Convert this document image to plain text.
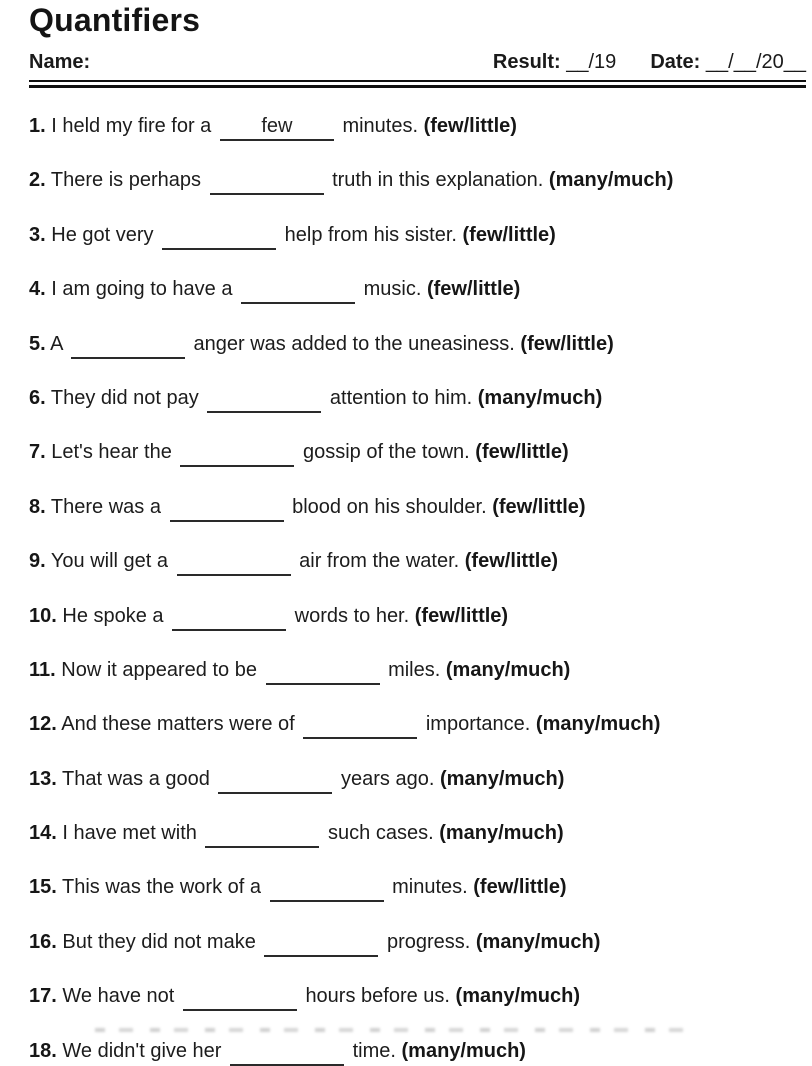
Quantifiers
Name:	Result: __/19 Date: __/__/20__
1. I held my fire for a	few	minutes. (few/little)
2. There is perhaps	truth in this explanation. (many/much)
3. He got very	help from his sister. (few/little)
4. I am going to have a	music. (few/little)
5. A	anger was added to the uneasiness. (few/little)
6. They did not pay	attention to him. (many/much)
7. Let's hear the	gossip of the town. (few/little)
8. There was a	blood on his shoulder. (few/little)
9. You will get a	air from the water. (few/little)
10. He spoke a	words to her. (few/little)
11. Now it appeared to be	miles. (many/much)
12. And these matters were of	importance. (many/much)
13. That was a good	years ago. (many/much)
14. I have met with	such cases. (many/much)
15. This was the work of a	minutes. (few/little)
16. But they did not make	progress. (many/much)
17. We have not	hours before us. (many/much)
18. We didn't give her	time. (many/much)
